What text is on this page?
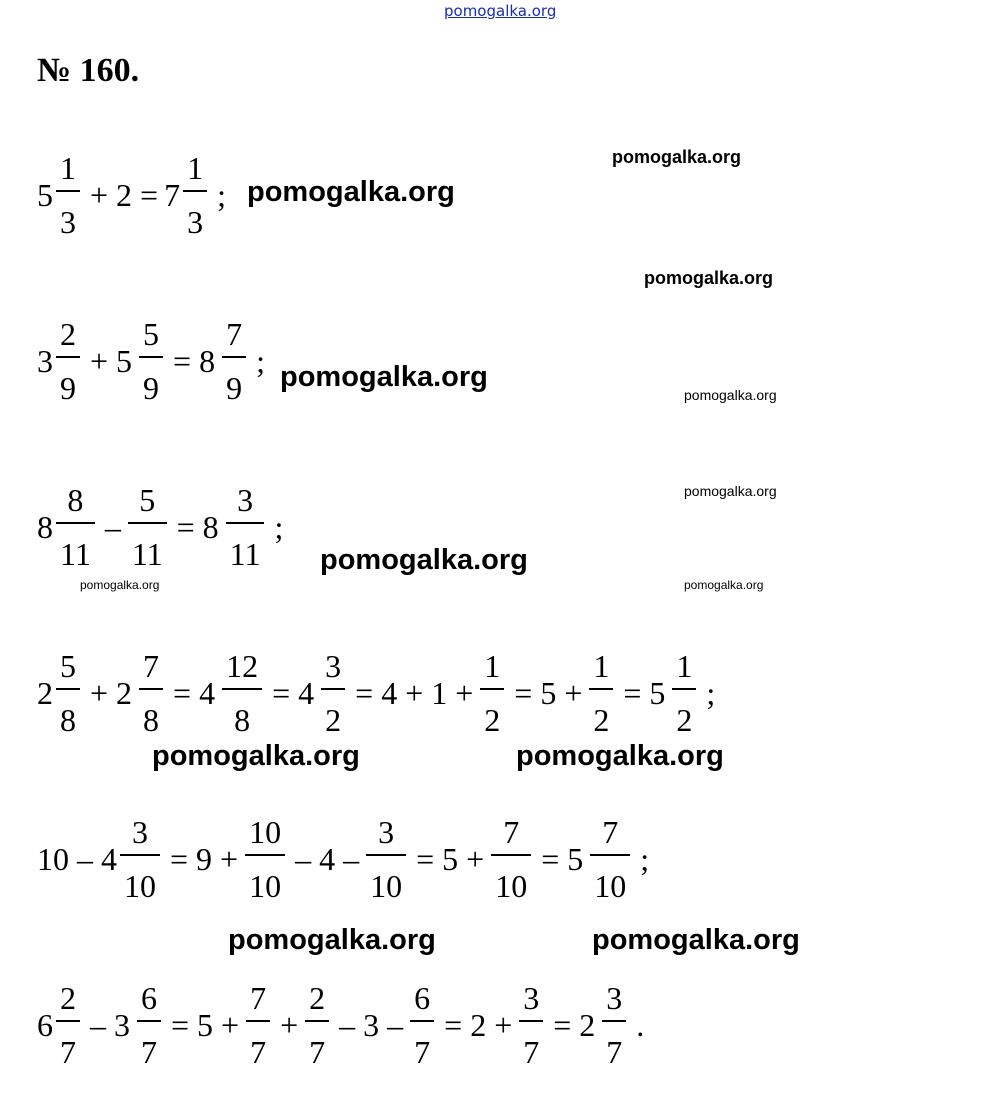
pomogalka.org
№ 160.
$5 \frac{1}{3} + 2 = 7 \frac{1}{3}$ ;
$3 \frac{2}{9} + 5 \frac{5}{9} = 8 \frac{7}{9}$ ;
$8 \frac{8}{11} - \frac{5}{11} = 8 \frac{3}{11}$ ;
$2 \frac{5}{8} + 2 \frac{7}{8} = 4 \frac{12}{8} = 4 \frac{3}{2} = 4 + 1 + \frac{1}{2} = 5 + \frac{1}{2} = 5 \frac{1}{2}$ ;
$10 - 4 \frac{3}{10} = 9 + \frac{10}{10} - 4 - \frac{3}{10} = 5 + \frac{7}{10} = 5 \frac{7}{10}$ ;
$6 \frac{2}{7} - 3 \frac{6}{7} = 5 + \frac{7}{7} + \frac{2}{7} - 3 - \frac{6}{7} = 2 + \frac{3}{7} = 2 \frac{3}{7}$ .
pomogalka.org
pomogalka.org
pomogalka.org
pomogalka.org
pomogalka.org
pomogalka.org
pomogalka.org
pomogalka.org	pomogalka.org
pomogalka.org	pomogalka.org
pomogalka.org	pomogalka.org
